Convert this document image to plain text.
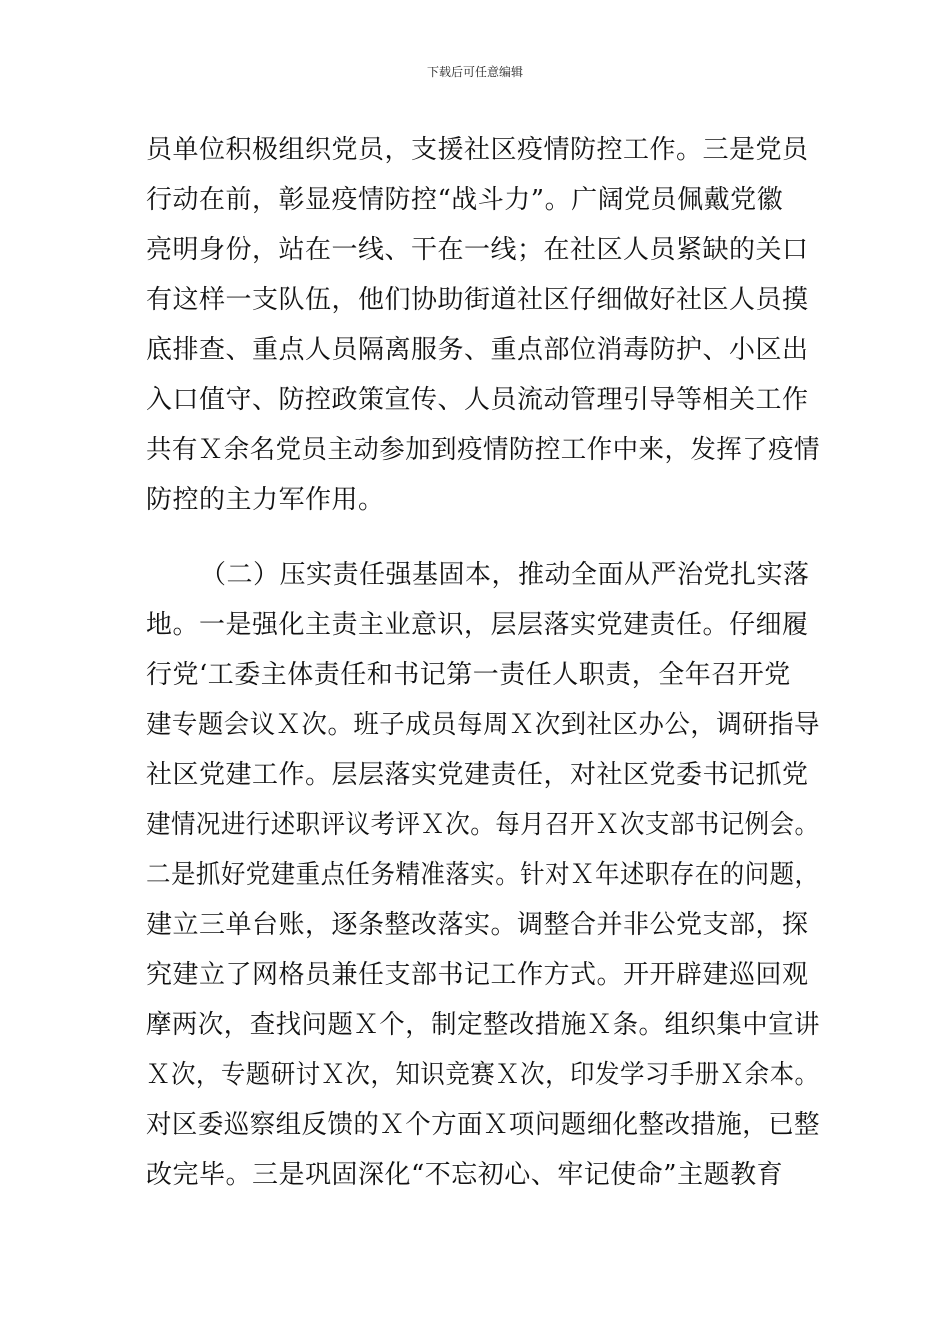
下载后可任意编辑
员单位积极组织党员，支援社区疫情防控工作。三是党员
行动在前，彰显疫情防控“战斗力”。广阔党员佩戴党徽
亮明身份，站在一线、干在一线；在社区人员紧缺的关口
有这样一支队伍，他们协助街道社区仔细做好社区人员摸
底排查、重点人员隔离服务、重点部位消毒防护、小区出
入口值守、防控政策宣传、人员流动管理引导等相关工作
共有Ｘ余名党员主动参加到疫情防控工作中来，发挥了疫情
防控的主力军作用。
（二）压实责任强基固本，推动全面从严治党扎实落
地。一是强化主责主业意识，层层落实党建责任。仔细履
行党‘工委主体责任和书记第一责任人职责，全年召开党
建专题会议Ｘ次。班子成员每周Ｘ次到社区办公，调研指导
社区党建工作。层层落实党建责任，对社区党委书记抓党
建情况进行述职评议考评Ｘ次。每月召开Ｘ次支部书记例会。
二是抓好党建重点任务精准落实。针对Ｘ年述职存在的问题，
建立三单台账，逐条整改落实。调整合并非公党支部，探
究建立了网格员兼任支部书记工作方式。开开辟建巡回观
摩两次，查找问题Ｘ个，制定整改措施Ｘ条。组织集中宣讲
Ｘ次，专题研讨Ｘ次，知识竞赛Ｘ次，印发学习手册Ｘ余本。
对区委巡察组反馈的Ｘ个方面Ｘ项问题细化整改措施，已整
改完毕。三是巩固深化“不忘初心、牢记使命”主题教育
